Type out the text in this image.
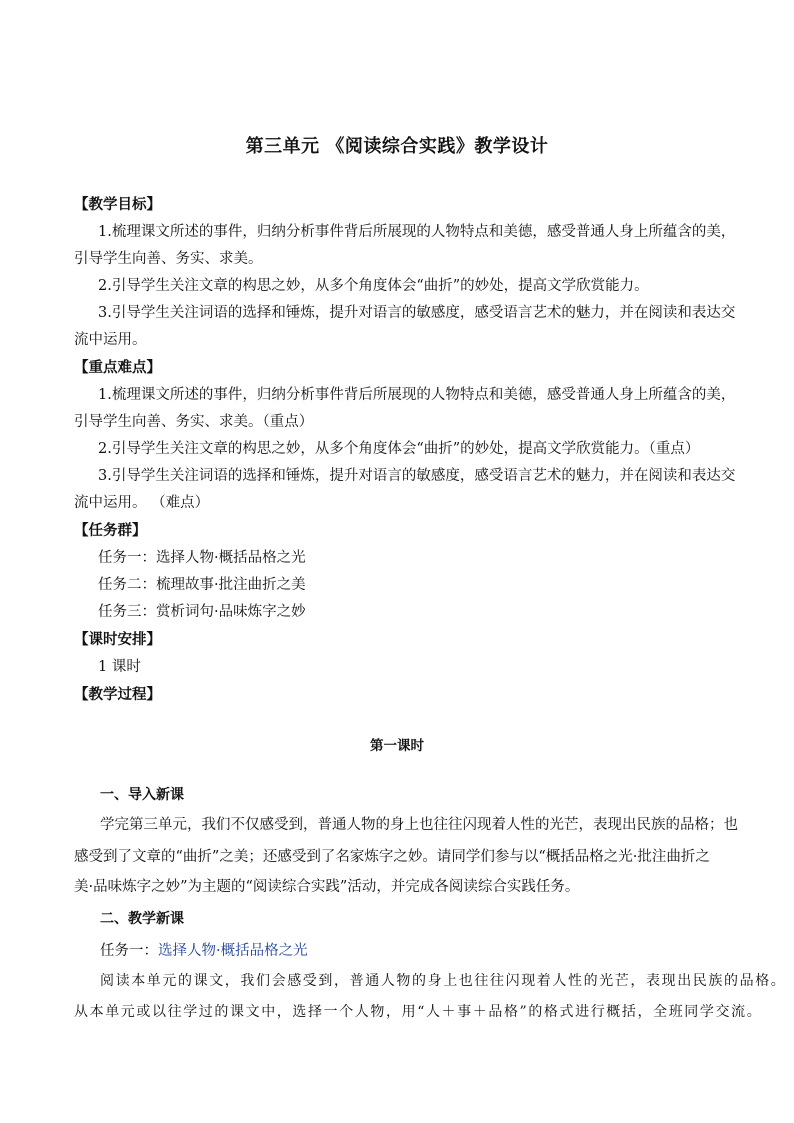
第三单元 《阅读综合实践》教学设计
【教学目标】
1.梳理课文所述的事件，归纳分析事件背后所展现的人物特点和美德，感受普通人身上所蕴含的美，
引导学生向善、务实、求美。
2.引导学生关注文章的构思之妙，从多个角度体会“曲折”的妙处，提高文学欣赏能力。
3.引导学生关注词语的选择和锤炼，提升对语言的敏感度，感受语言艺术的魅力，并在阅读和表达交
流中运用。
【重点难点】
1.梳理课文所述的事件，归纳分析事件背后所展现的人物特点和美德，感受普通人身上所蕴含的美，
引导学生向善、务实、求美。（重点）
2.引导学生关注文章的构思之妙，从多个角度体会“曲折”的妙处，提高文学欣赏能力。（重点）
3.引导学生关注词语的选择和锤炼，提升对语言的敏感度，感受语言艺术的魅力，并在阅读和表达交
流中运用。 （难点）
【任务群】
任务一：选择人物·概括品格之光
任务二：梳理故事·批注曲折之美
任务三：赏析词句·品味炼字之妙
【课时安排】
1 课时
【教学过程】
第一课时
一、导入新课
学完第三单元，我们不仅感受到，普通人物的身上也往往闪现着人性的光芒，表现出民族的品格；也
感受到了文章的“曲折”之美；还感受到了名家炼字之妙。请同学们参与以“概括品格之光·批注曲折之
美·品味炼字之妙”为主题的“阅读综合实践”活动，并完成各阅读综合实践任务。
二、教学新课
任务一：选择人物·概括品格之光
阅读本单元的课文，我们会感受到，普通人物的身上也往往闪现着人性的光芒，表现出民族的品格。
从本单元或以往学过的课文中，选择一个人物，用“人＋事＋品格”的格式进行概括，全班同学交流。
